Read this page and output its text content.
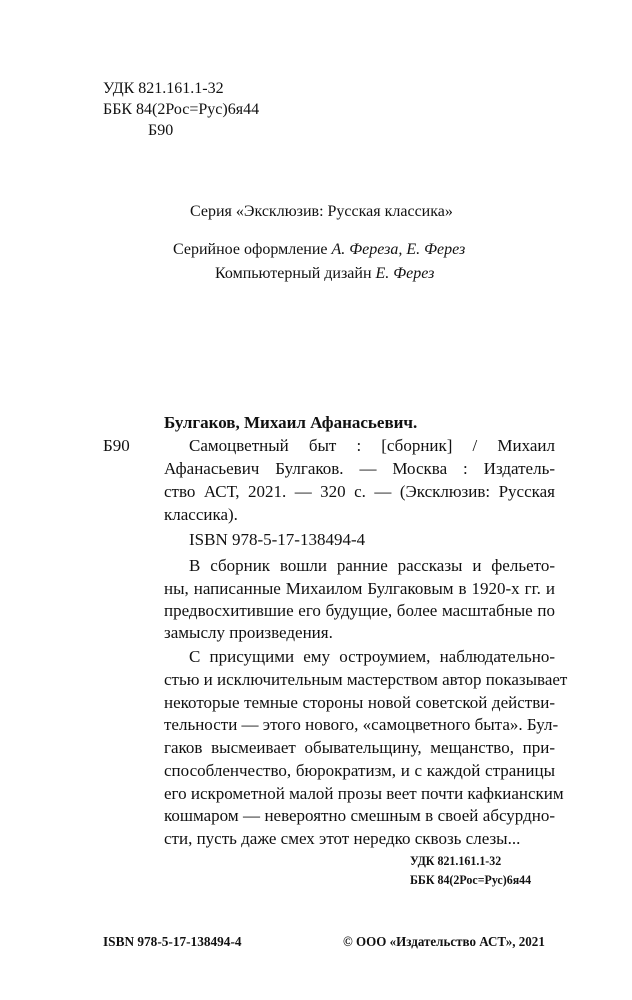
УДК 821.161.1-32
ББК 84(2Рос=Рус)6я44
Б90
Серия «Эксклюзив: Русская классика»
Серийное оформление А. Фереза, Е. Ферез
Компьютерный дизайн Е. Ферез
Булгаков, Михаил Афанасьевич.
Б90	Самоцветный быт : [сборник] / Михаил
Афанасьевич Булгаков. — Москва : Издатель-
ство АСТ, 2021. — 320 с. — (Эксклюзив: Русская
классика).
ISBN 978-5-17-138494-4
В сборник вошли ранние рассказы и фельето-
ны, написанные Михаилом Булгаковым в 1920-х гг. и
предвосхитившие его будущие, более масштабные по
замыслу произведения.
С присущими ему остроумием, наблюдательно-
стью и исключительным мастерством автор показывает
некоторые темные стороны новой советской действи-
тельности — этого нового, «самоцветного быта». Бул-
гаков высмеивает обывательщину, мещанство, при-
способленчество, бюрократизм, и с каждой страницы
его искрометной малой прозы веет почти кафкианским
кошмаром — невероятно смешным в своей абсурдно-
сти, пусть даже смех этот нередко сквозь слезы...
УДК 821.161.1-32
ББК 84(2Рос=Рус)6я44
ISBN 978-5-17-138494-4	© ООО «Издательство АСТ», 2021
